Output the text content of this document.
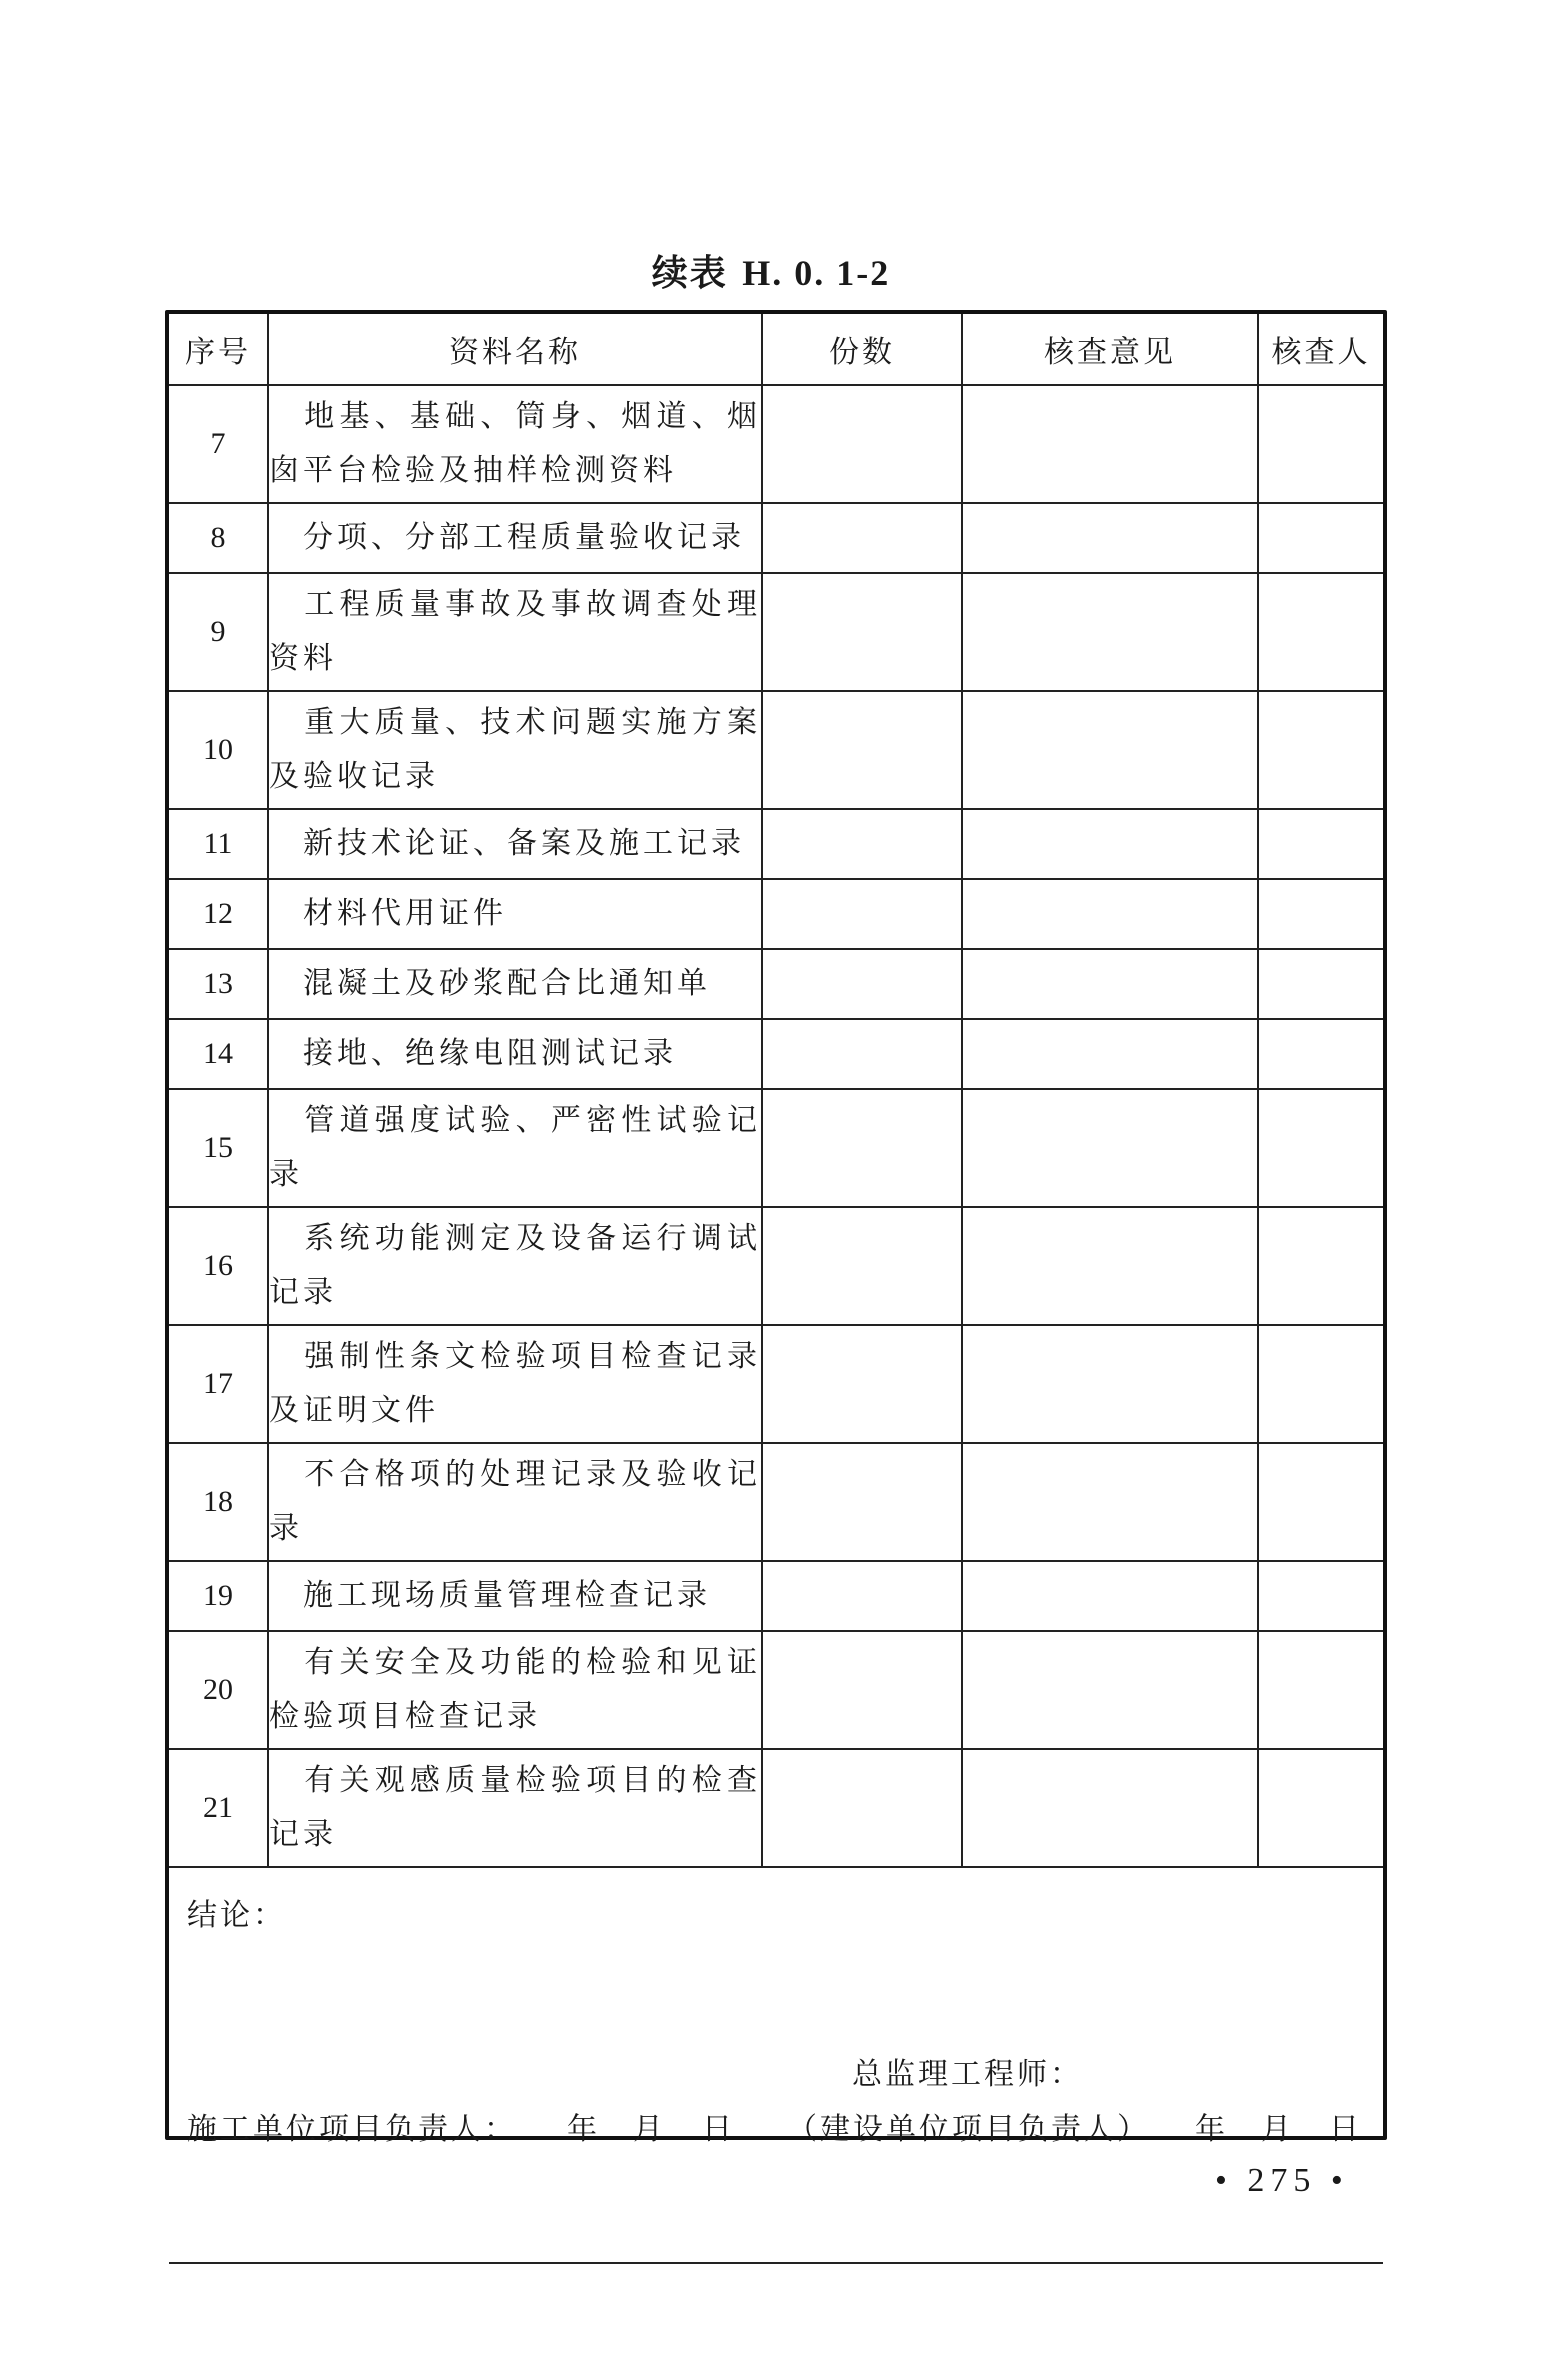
续表 H. 0. 1-2
序号	资料名称	份数	核查意见	核查人
7	地基、基础、筒身、烟道、烟囱平台检验及抽样检测资料			
8	分项、分部工程质量验收记录			
9	工程质量事故及事故调查处理资料			
10	重大质量、技术问题实施方案及验收记录			
11	新技术论证、备案及施工记录			
12	材料代用证件			
13	混凝土及砂浆配合比通知单			
14	接地、绝缘电阻测试记录			
15	管道强度试验、严密性试验记录			
16	系统功能测定及设备运行调试记录			
17	强制性条文检验项目检查记录及证明文件			
18	不合格项的处理记录及验收记录			
19	施工现场质量管理检查记录			
20	有关安全及功能的检验和见证检验项目检查记录			
21	有关观感质量检验项目的检查记录			

结论：
总监理工程师：
施工单位项目负责人： 年 月 日 （建设单位项目负责人） 年 月 日
• 275 •
